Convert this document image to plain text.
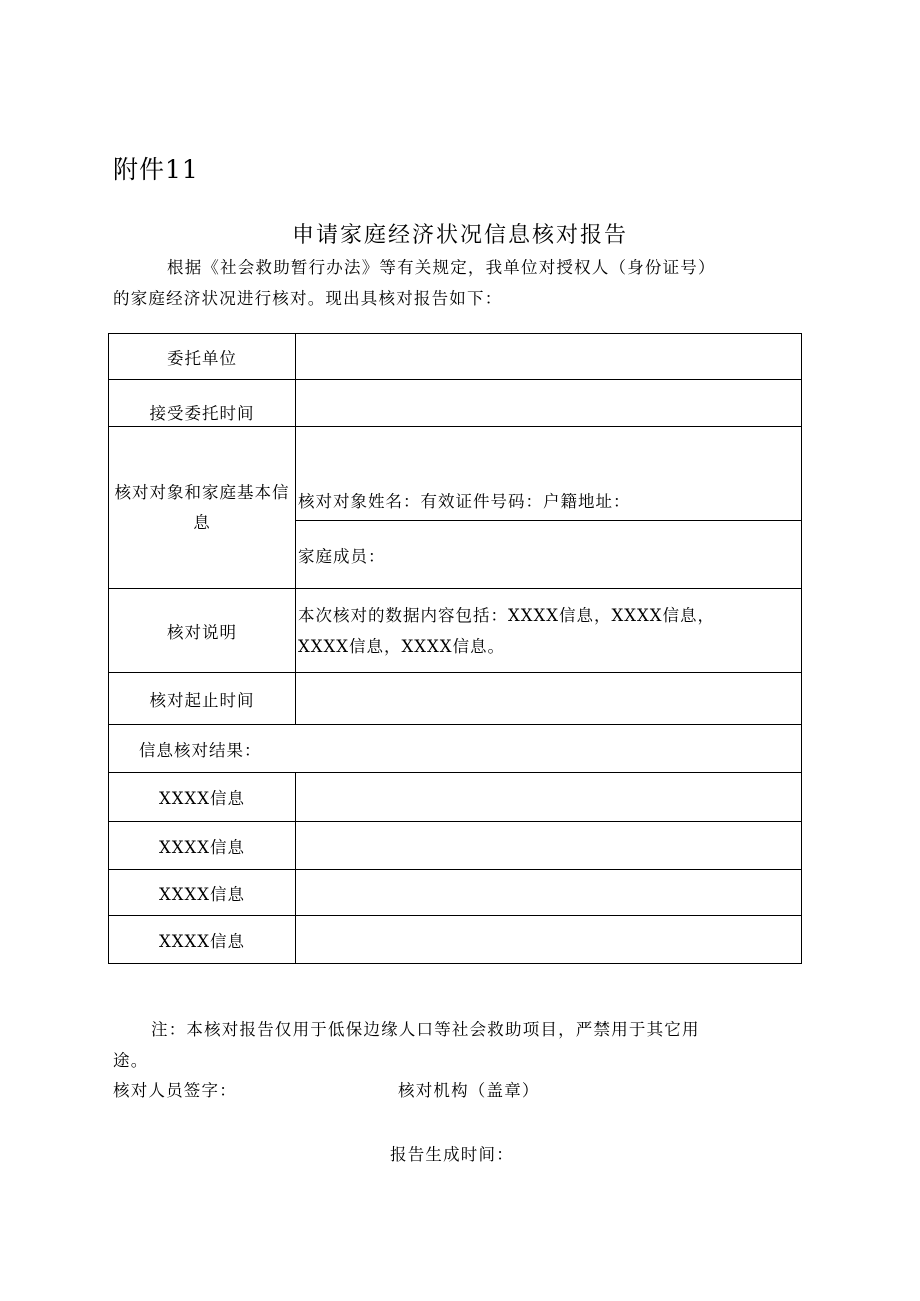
附件11
申请家庭经济状况信息核对报告
根据《社会救助暂行办法》等有关规定，我单位对授权人（身份证号）
的家庭经济状况进行核对。现出具核对报告如下：
委托单位	
接受委托时间	
核对对象和家庭基本信息	核对对象姓名：有效证件号码：户籍地址：
家庭成员：

核对说明	本次核对的数据内容包括：XXXX信息，XXXX信息，
XXXX信息，XXXX信息。

核对起止时间	
信息核对结果：	
XXXX信息	
XXXX信息	
XXXX信息	
XXXX信息	
注：本核对报告仅用于低保边缘人口等社会救助项目，严禁用于其它用
途。
核对人员签字：	核对机构（盖章）
报告生成时间：
